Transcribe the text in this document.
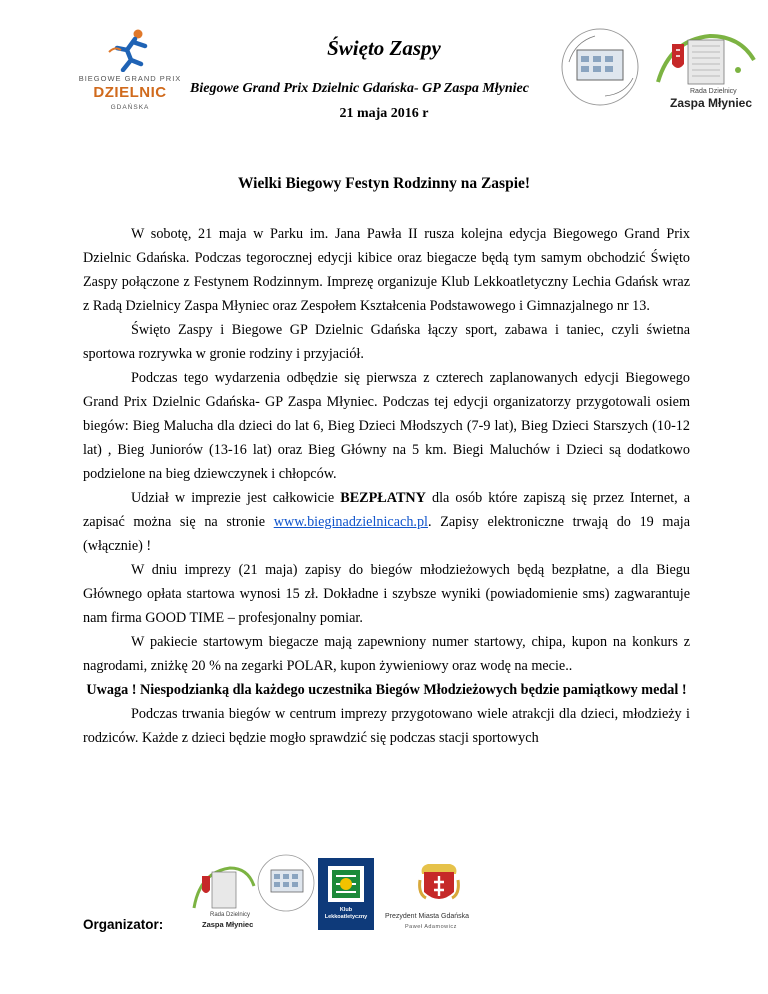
BIEGOWE GRAND PRIX
DZIELNIC
GDAŃSKA
Święto Zaspy
Biegowe Grand Prix Dzielnic Gdańska- GP Zaspa Młyniec
21 maja 2016 r
Rada Dzielnicy
Zaspa Młyniec
Wielki Biegowy Festyn Rodzinny na Zaspie!

W sobotę, 21 maja w Parku im. Jana Pawła II rusza kolejna edycja Biegowego Grand Prix Dzielnic Gdańska. Podczas tegorocznej edycji kibice oraz biegacze będą tym samym obchodzić Święto Zaspy połączone z Festynem Rodzinnym. Imprezę organizuje Klub Lekkoatletyczny Lechia Gdańsk wraz z Radą Dzielnicy Zaspa Młyniec oraz Zespołem Kształcenia Podstawowego i Gimnazjalnego nr 13.

Święto Zaspy i Biegowe GP Dzielnic Gdańska łączy sport, zabawa i taniec, czyli świetna sportowa rozrywka w gronie rodziny i przyjaciół.

Podczas tego wydarzenia odbędzie się pierwsza z czterech zaplanowanych edycji Biegowego Grand Prix Dzielnic Gdańska- GP Zaspa Młyniec. Podczas tej edycji organizatorzy przygotowali osiem biegów: Bieg Malucha dla dzieci do lat 6, Bieg Dzieci Młodszych (7-9 lat), Bieg Dzieci Starszych (10-12 lat) , Bieg Juniorów (13-16 lat) oraz Bieg Główny na 5 km. Biegi Maluchów i Dzieci są dodatkowo podzielone na bieg dziewczynek i chłopców.

Udział w imprezie jest całkowicie BEZPŁATNY dla osób które zapiszą się przez Internet, a zapisać można się na stronie www.bieginadzielnicach.pl. Zapisy elektroniczne trwają do 19 maja (włącznie) !

W dniu imprezy (21 maja) zapisy do biegów młodzieżowych będą bezpłatne, a dla Biegu Głównego opłata startowa wynosi 15 zł. Dokładne i szybsze wyniki (powiadomienie sms) zagwarantuje nam firma GOOD TIME – profesjonalny pomiar.

W pakiecie startowym biegacze mają zapewniony numer startowy, chipa, kupon na konkurs z nagrodami, zniżkę 20 % na zegarki POLAR, kupon żywieniowy oraz wodę na mecie..

Uwaga ! Niespodzianką dla każdego uczestnika Biegów Młodzieżowych będzie pamiątkowy medal !

Podczas trwania biegów w centrum imprezy przygotowano wiele atrakcji dla dzieci, młodzieży i rodziców. Każde z dzieci będzie mogło sprawdzić się podczas stacji sportowych

Organizator:
Rada Dzielnicy
Zaspa Młyniec
Klub
Lekkoatletyczny	Prezydent Miasta Gdańska
Paweł Adamowicz
